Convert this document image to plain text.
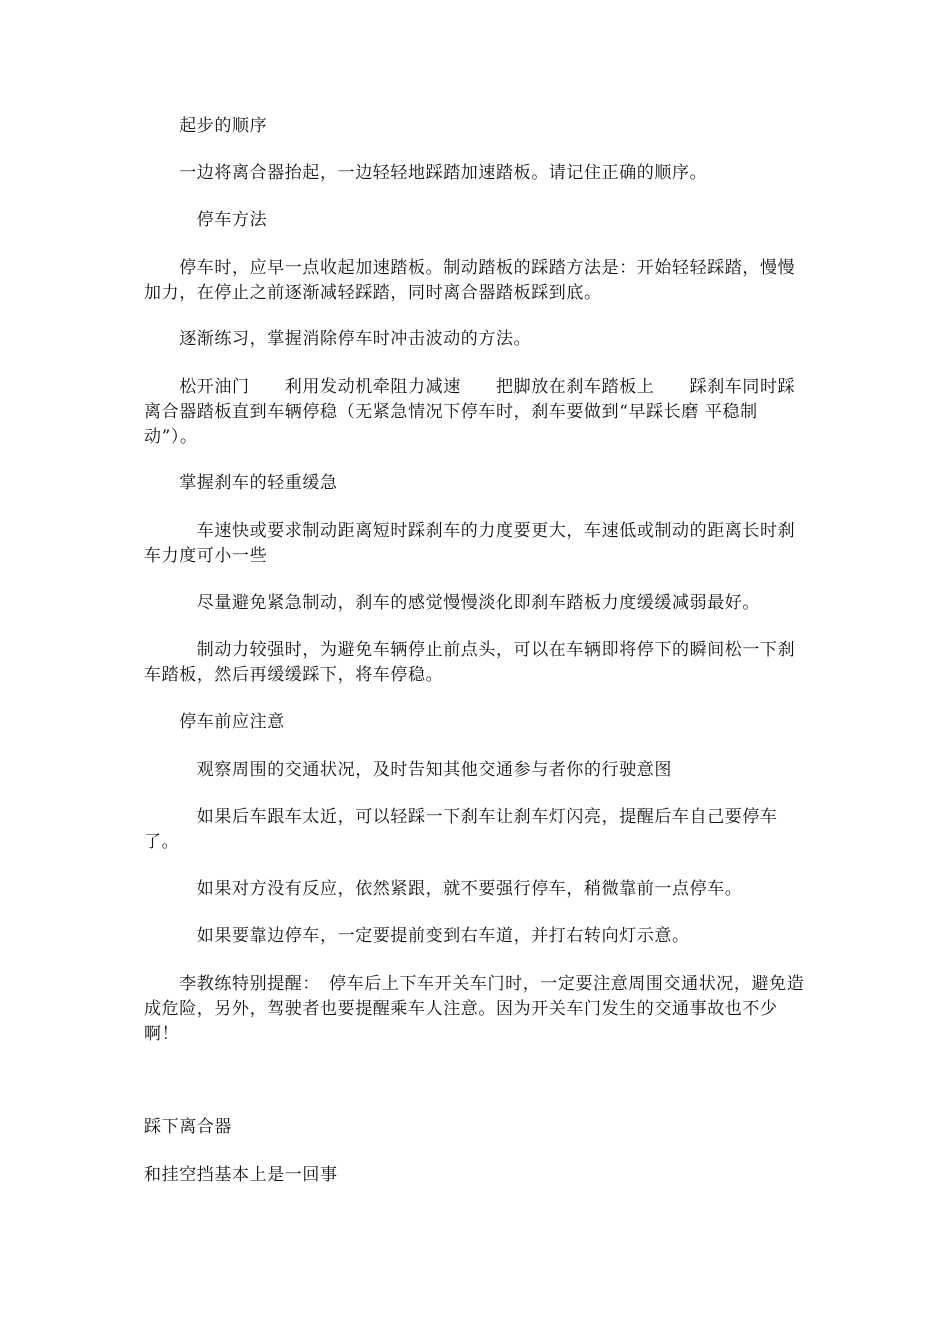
　　起步的顺序

　　一边将离合器抬起，一边轻轻地踩踏加速踏板。请记住正确的顺序。

　　　停车方法

　　停车时，应早一点收起加速踏板。制动踏板的踩踏方法是：开始轻轻踩踏，慢慢加力，在停止之前逐渐减轻踩踏，同时离合器踏板踩到底。

　　逐渐练习，掌握消除停车时冲击波动的方法。

　　松开油门　　利用发动机牵阻力减速　　把脚放在刹车踏板上　　踩刹车同时踩离合器踏板直到车辆停稳（无紧急情况下停车时，刹车要做到“早踩长磨 平稳制动”）。

　　掌握刹车的轻重缓急

　　　车速快或要求制动距离短时踩刹车的力度要更大，车速低或制动的距离长时刹车力度可小一些

　　　尽量避免紧急制动，刹车的感觉慢慢淡化即刹车踏板力度缓缓减弱最好。

　　　制动力较强时，为避免车辆停止前点头，可以在车辆即将停下的瞬间松一下刹车踏板，然后再缓缓踩下，将车停稳。

　　停车前应注意

　　　观察周围的交通状况，及时告知其他交通参与者你的行驶意图

　　　如果后车跟车太近，可以轻踩一下刹车让刹车灯闪亮，提醒后车自己要停车了。

　　　如果对方没有反应，依然紧跟，就不要强行停车，稍微靠前一点停车。

　　　如果要靠边停车，一定要提前变到右车道，并打右转向灯示意。

　　李教练特别提醒：　停车后上下车开关车门时，一定要注意周围交通状况，避免造成危险，另外，驾驶者也要提醒乘车人注意。因为开关车门发生的交通事故也不少啊！

踩下离合器

和挂空挡基本上是一回事
